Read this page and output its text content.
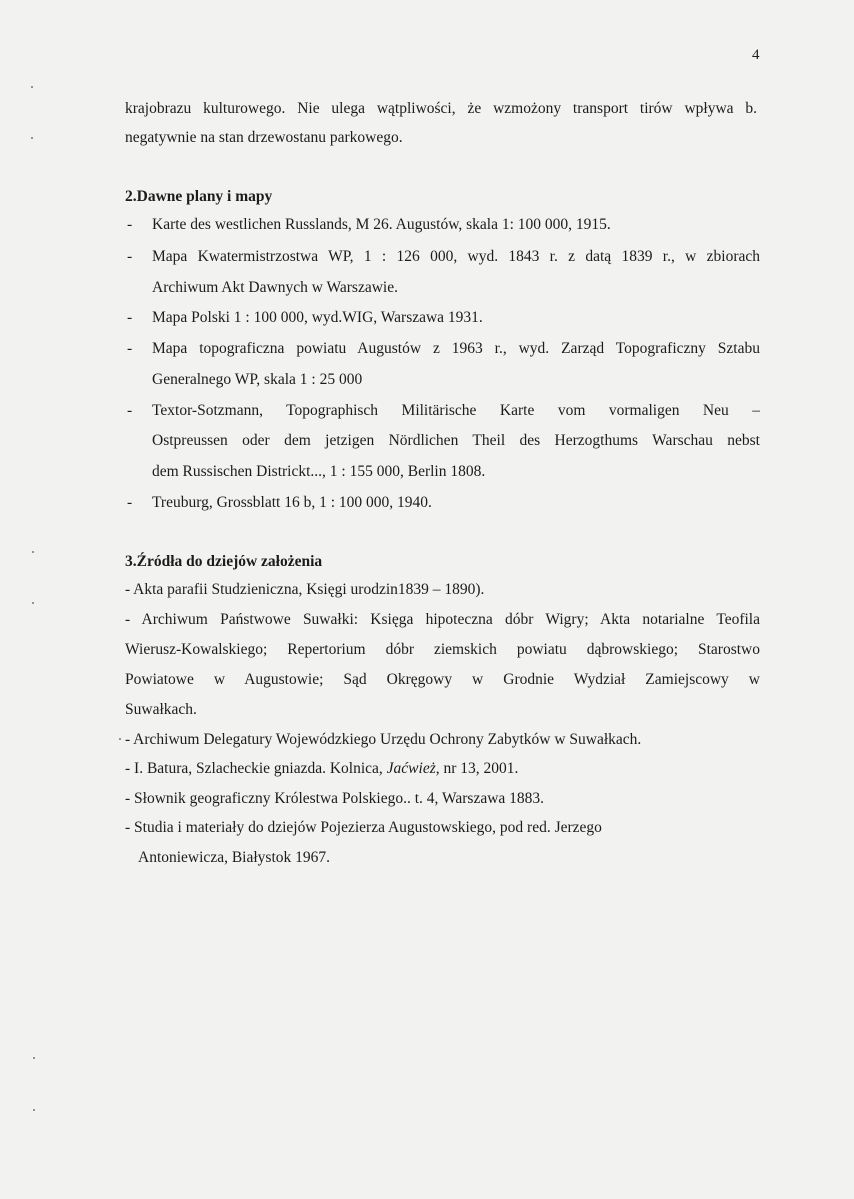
4
krajobrazu kulturowego. Nie ulega wątpliwości, że wzmożony transport tirów wpływa b.
negatywnie na stan drzewostanu parkowego.
2.Dawne plany i mapy
- Karte des westlichen Russlands, M 26. Augustów, skala 1: 100 000, 1915.
- Mapa Kwatermistrzostwa WP, 1 : 126 000, wyd. 1843 r. z datą 1839 r., w zbiorach
Archiwum Akt Dawnych w Warszawie.
- Mapa Polski 1 : 100 000, wyd.WIG, Warszawa 1931.
- Mapa topograficzna powiatu Augustów z 1963 r., wyd. Zarząd Topograficzny Sztabu
Generalnego WP, skala 1 : 25 000
- Textor-Sotzmann, Topographisch Militärische Karte vom vormaligen Neu –
Ostpreussen oder dem jetzigen Nördlichen Theil des Herzogthums Warschau nebst
dem Russischen Districkt..., 1 : 155 000, Berlin 1808.
- Treuburg, Grossblatt 16 b, 1 : 100 000, 1940.
3.Źródła do dziejów założenia
- Akta parafii Studzieniczna, Księgi urodzin1839 – 1890).
- Archiwum Państwowe Suwałki: Księga hipoteczna dóbr Wigry; Akta notarialne Teofila
Wierusz-Kowalskiego; Repertorium dóbr ziemskich powiatu dąbrowskiego; Starostwo
Powiatowe w Augustowie; Sąd Okręgowy w Grodnie Wydział Zamiejscowy w
Suwałkach.
- Archiwum Delegatury Wojewódzkiego Urzędu Ochrony Zabytków w Suwałkach.
- I. Batura, Szlacheckie gniazda. Kolnica, Jaćwież, nr 13, 2001.
- Słownik geograficzny Królestwa Polskiego.. t. 4, Warszawa 1883.
- Studia i materiały do dziejów Pojezierza Augustowskiego, pod red. Jerzego
Antoniewicza, Białystok 1967.
